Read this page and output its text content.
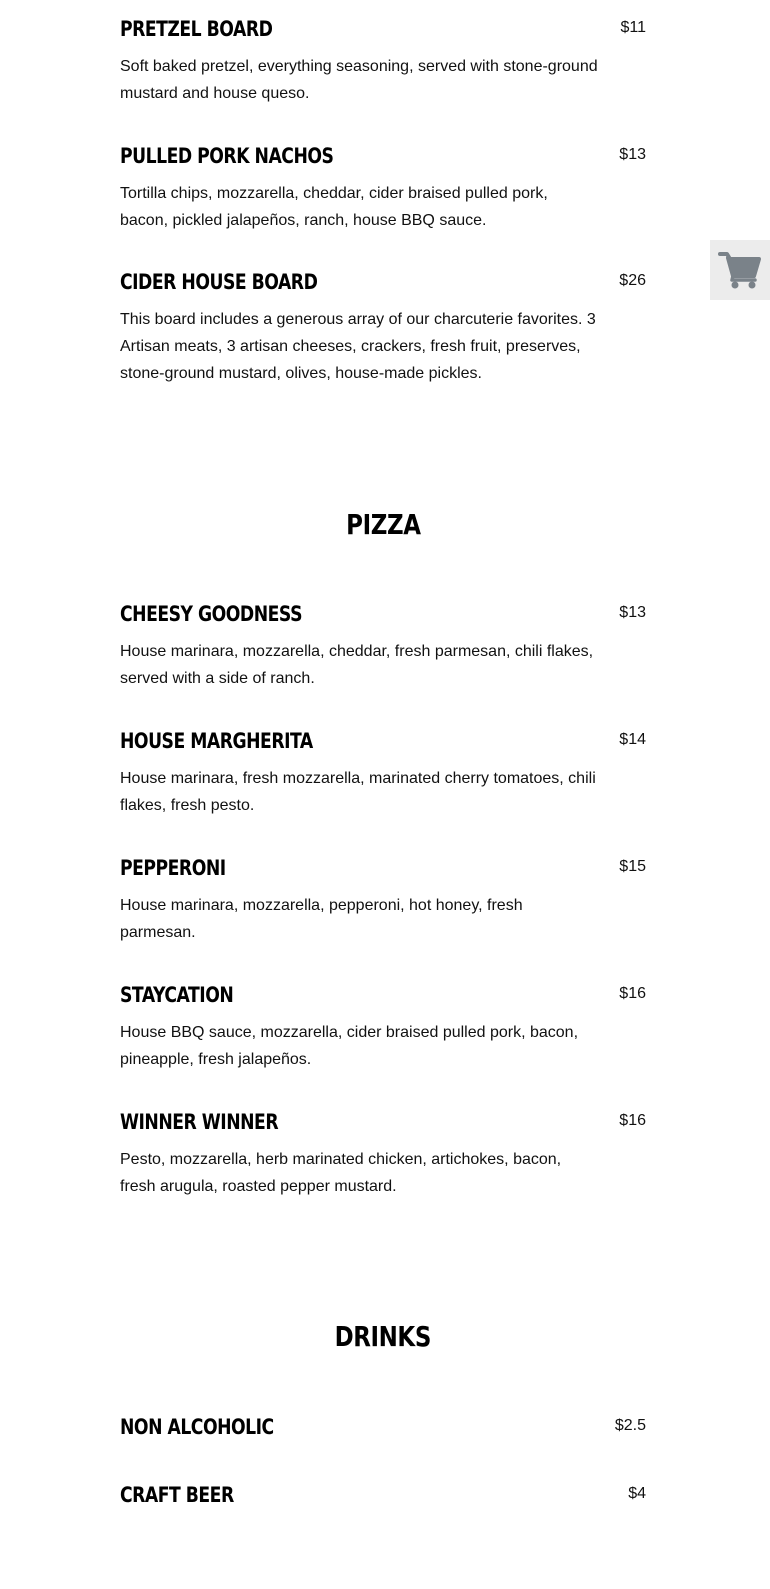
PRETZEL BOARD	$11
Soft baked pretzel, everything seasoning, served with stone-ground mustard and house queso.
PULLED PORK NACHOS	$13
Tortilla chips, mozzarella, cheddar, cider braised pulled pork, bacon, pickled jalapeños, ranch, house BBQ sauce.
CIDER HOUSE BOARD	$26
This board includes a generous array of our charcuterie favorites. 3 Artisan meats, 3 artisan cheeses, crackers, fresh fruit, preserves, stone-ground mustard, olives, house-made pickles.
PIZZA
CHEESY GOODNESS	$13
House marinara, mozzarella, cheddar, fresh parmesan, chili flakes, served with a side of ranch.
HOUSE MARGHERITA	$14
House marinara, fresh mozzarella, marinated cherry tomatoes, chili flakes, fresh pesto.
PEPPERONI	$15
House marinara, mozzarella, pepperoni, hot honey, fresh parmesan.
STAYCATION	$16
House BBQ sauce, mozzarella, cider braised pulled pork, bacon, pineapple, fresh jalapeños.
WINNER WINNER	$16
Pesto, mozzarella, herb marinated chicken, artichokes, bacon, fresh arugula, roasted pepper mustard.
DRINKS
NON ALCOHOLIC	$2.5
CRAFT BEER	$4
